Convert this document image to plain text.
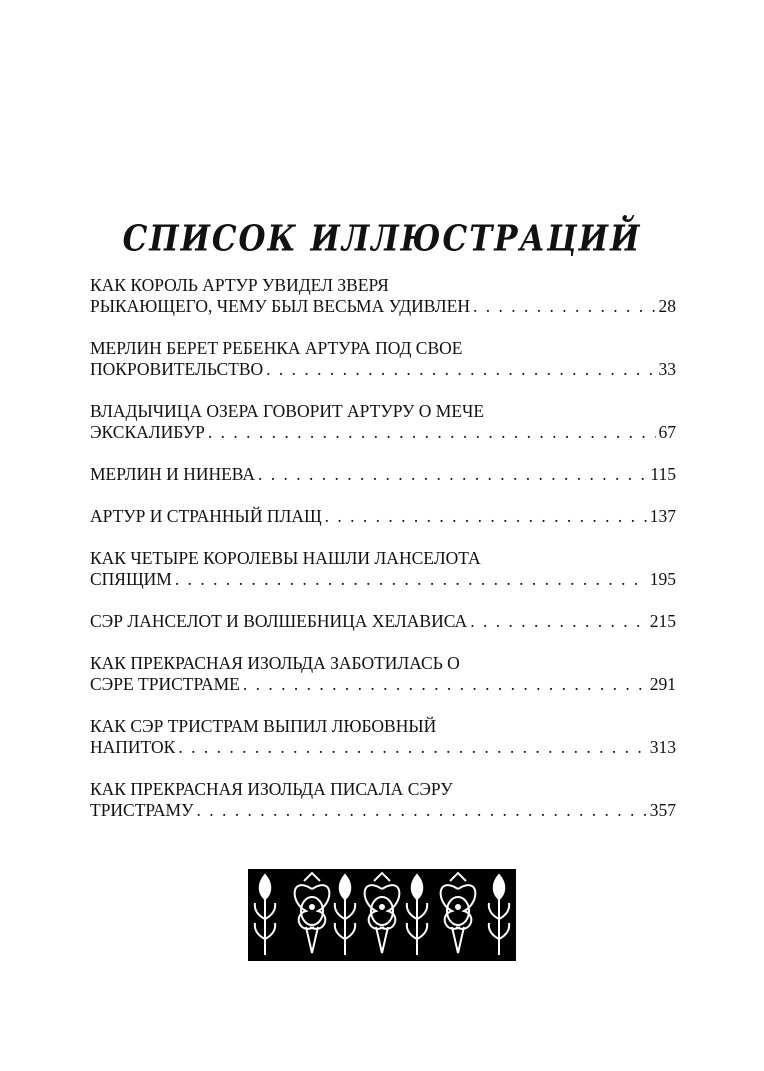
СПИСОК ИЛЛЮСТРАЦИЙ
КАК КОРОЛЬ АРТУР УВИДЕЛ ЗВЕРЯ
РЫКАЮЩЕГО, ЧЕМУ БЫЛ ВЕСЬМА УДИВЛЕН . . .	28
МЕРЛИН БЕРЕТ РЕБЕНКА АРТУРА ПОД СВОЕ
ПОКРОВИТЕЛЬСТВО . . .	33
ВЛАДЫЧИЦА ОЗЕРА ГОВОРИТ АРТУРУ О МЕЧЕ
ЭКСКАЛИБУР . . .	67
МЕРЛИН И НИНЕВА . . .	115
АРТУР И СТРАННЫЙ ПЛАЩ . . .	137
КАК ЧЕТЫРЕ КОРОЛЕВЫ НАШЛИ ЛАНСЕЛОТА
СПЯЩИМ . . .	195
СЭР ЛАНСЕЛОТ И ВОЛШЕБНИЦА ХЕЛАВИСА . . .	215
КАК ПРЕКРАСНАЯ ИЗОЛЬДА ЗАБОТИЛАСЬ О
СЭРЕ ТРИСТРАМЕ . . .	291
КАК СЭР ТРИСТРАМ ВЫПИЛ ЛЮБОВНЫЙ
НАПИТОК . . .	313
КАК ПРЕКРАСНАЯ ИЗОЛЬДА ПИСАЛА СЭРУ
ТРИСТРАМУ . . .	357
